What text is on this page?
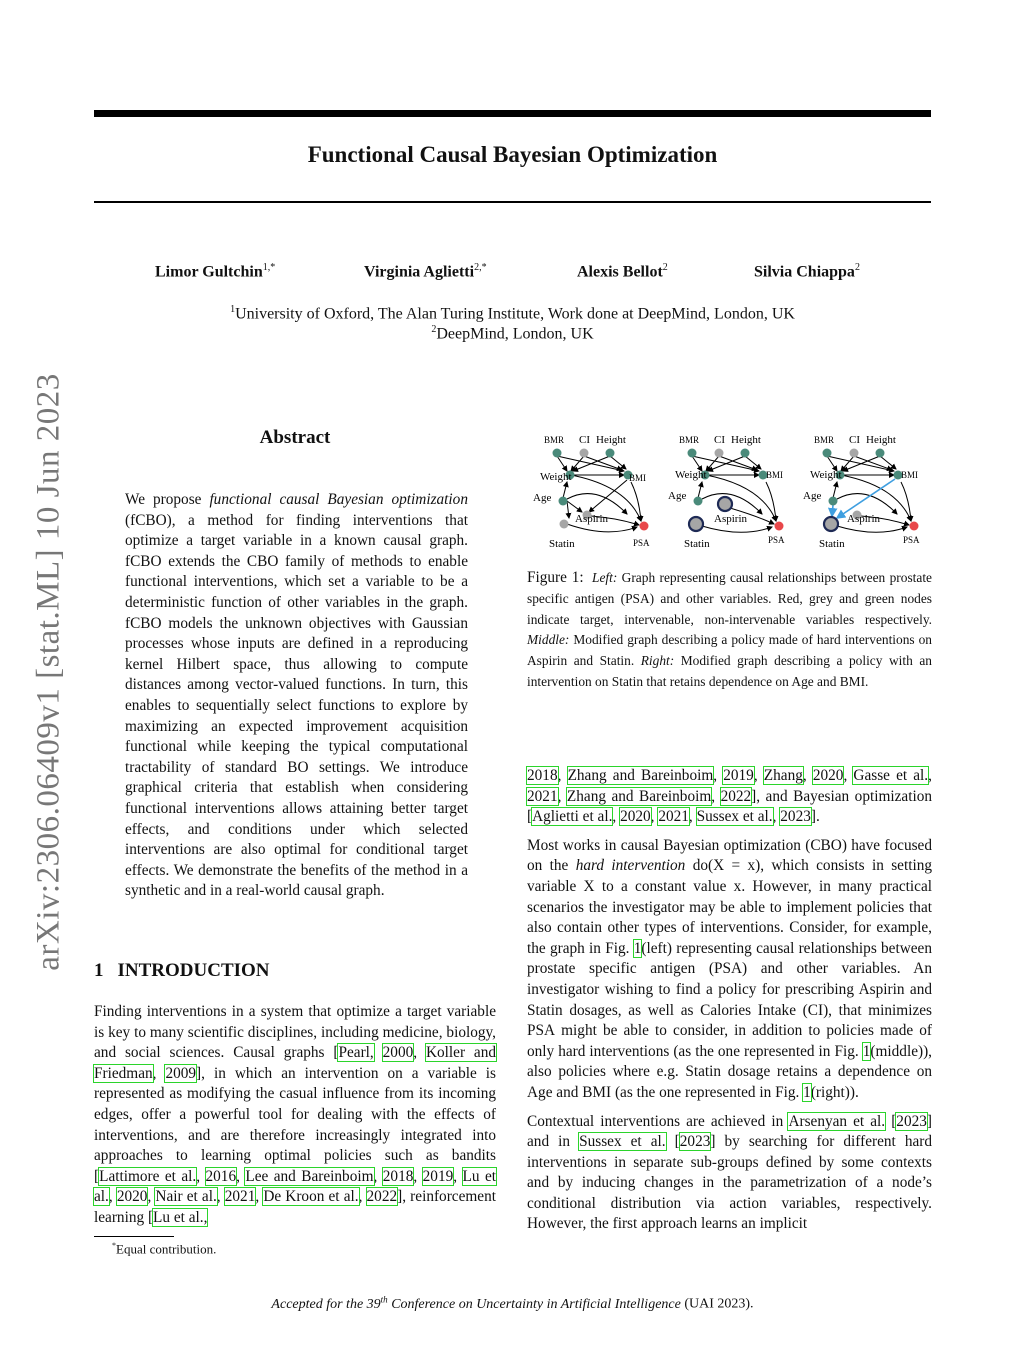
arXiv:2306.06409v1 [stat.ML] 10 Jun 2023
Functional Causal Bayesian Optimization
Limor Gultchin$^{1,*}$	Virginia Aglietti$^{2,*}$	Alexis Bellot$^2$	Silvia Chiappa$^2$
$^1$University of Oxford, The Alan Turing Institute, Work done at DeepMind, London, UK
$^2$DeepMind, London, UK
Abstract
We propose functional causal Bayesian optimization (fCBO), a method for finding interventions that optimize a target variable in a known causal graph. fCBO extends the CBO family of methods to enable functional interventions, which set a variable to be a deterministic function of other variables in the graph. fCBO models the unknown objectives with Gaussian processes whose inputs are defined in a reproducing kernel Hilbert space, thus allowing to compute distances among vector-valued functions. In turn, this enables to sequentially select functions to explore by maximizing an expected improvement acquisition functional while keeping the typical computational tractability of standard BO settings. We introduce graphical criteria that establish when considering functional interventions allows attaining better target effects, and conditions under which selected interventions are also optimal for conditional target effects. We demonstrate the benefits of the method in a synthetic and in a real-world causal graph.
1 INTRODUCTION
Finding interventions in a system that optimize a target variable is key to many scientific disciplines, including medicine, biology, and social sciences. Causal graphs [Pearl, 2000, Koller and Friedman, 2009], in which an intervention on a variable is represented as modifying the casual influence from its incoming edges, offer a powerful tool for dealing with the effects of interventions, and are therefore increasingly integrated into approaches to learning optimal policies such as bandits [Lattimore et al., 2016, Lee and Bareinboim, 2018, 2019, Lu et al., 2020, Nair et al., 2021, De Kroon et al., 2022], reinforcement learning [Lu et al.,
*Equal contribution.
BMR CI Height
Weight	BMI
Age
Aspirin
Statin	PSA
BMR CI Height
Weight	BMI
Age
Aspirin
Statin	PSA
BMR CI Height
Weight	BMI
Age
Aspirin
Statin	PSA
Figure 1: Left: Graph representing causal relationships between prostate specific antigen (PSA) and other variables. Red, grey and green nodes indicate target, intervenable, non-intervenable variables respectively. Middle: Modified graph describing a policy made of hard interventions on Aspirin and Statin. Right: Modified graph describing a policy with an intervention on Statin that retains dependence on Age and BMI.

2018, Zhang and Bareinboim, 2019, Zhang, 2020, Gasse et al., 2021, Zhang and Bareinboim, 2022], and Bayesian optimization [Aglietti et al., 2020, 2021, Sussex et al., 2023].

Most works in causal Bayesian optimization (CBO) have focused on the hard intervention do(X = x), which consists in setting variable X to a constant value x. However, in many practical scenarios the investigator may be able to implement policies that also contain other types of interventions. Consider, for example, the graph in Fig. 1(left) representing causal relationships between prostate specific antigen (PSA) and other variables. An investigator wishing to find a policy for prescribing Aspirin and Statin dosages, as well as Calories Intake (CI), that minimizes PSA might be able to consider, in addition to policies made of only hard interventions (as the one represented in Fig. 1(middle)), also policies where e.g. Statin dosage retains a dependence on Age and BMI (as the one represented in Fig. 1(right)).

Contextual interventions are achieved in Arsenyan et al. [2023] and in Sussex et al. [2023] by searching for different hard interventions in separate sub-groups defined by some contexts and by inducing changes in the parametrization of a node’s conditional distribution via action variables, respectively. However, the first approach learns an implicit

Accepted for the 39th Conference on Uncertainty in Artificial Intelligence (UAI 2023).
